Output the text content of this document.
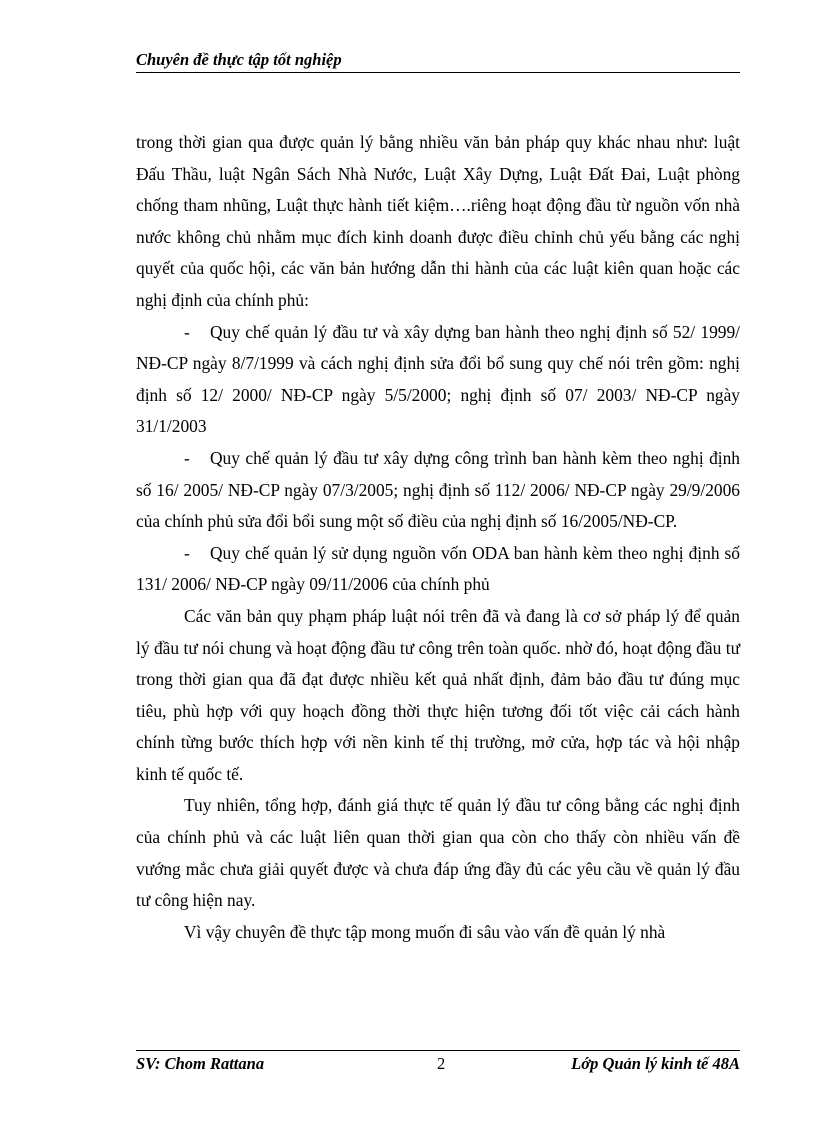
Chuyên đề thực tập tốt nghiệp

trong thời gian qua được quản lý bằng nhiều văn bản pháp quy khác nhau như: luật Đấu Thầu, luật Ngân Sách Nhà Nước, Luật Xây Dựng, Luật Đất Đai, Luật phòng chống tham nhũng, Luật thực hành tiết kiệm….riêng hoạt động đầu từ nguồn vốn nhà nước không chủ nhằm mục đích kinh doanh được điều chỉnh chủ yếu bằng các nghị quyết của quốc hội, các văn bản hướng dẫn thi hành của các luật kiên quan hoặc các nghị định của chính phủ:

- Quy chế quản lý đầu tư và xây dựng ban hành theo nghị định số 52/ 1999/ NĐ-CP ngày 8/7/1999 và cách nghị định sửa đổi bổ sung quy chế nói trên gồm: nghị định số 12/ 2000/ NĐ-CP ngày 5/5/2000; nghị định số 07/ 2003/ NĐ-CP ngày 31/1/2003

- Quy chế quản lý đầu tư xây dựng công trình ban hành kèm theo nghị định số 16/ 2005/ NĐ-CP ngày 07/3/2005; nghị định số 112/ 2006/ NĐ-CP ngày 29/9/2006 của chính phủ sửa đổi bổi sung một số điều của nghị định số 16/2005/NĐ-CP.

- Quy chế quản lý sử dụng nguồn vốn ODA ban hành kèm theo nghị định số 131/ 2006/ NĐ-CP ngày 09/11/2006 của chính phủ

Các văn bản quy phạm pháp luật nói trên đã và đang là cơ sở pháp lý để quản lý đầu tư nói chung và hoạt động đầu tư công trên toàn quốc. nhờ đó, hoạt động đầu tư trong thời gian qua đã đạt được nhiều kết quả nhất định, đảm bảo đầu tư đúng mục tiêu, phù hợp với quy hoạch đồng thời thực hiện tương đối tốt việc cải cách hành chính từng bước thích hợp với nền kinh tế thị trường, mở cửa, hợp tác và hội nhập kinh tế quốc tế.

Tuy nhiên, tổng hợp, đánh giá thực tế quản lý đầu tư công bằng các nghị định của chính phủ và các luật liên quan thời gian qua còn cho thấy còn nhiều vấn đề vướng mắc chưa giải quyết được và chưa đáp ứng đầy đủ các yêu cầu về quản lý đầu tư công hiện nay.

Vì vậy chuyên đề thực tập mong muốn đi sâu vào vấn đề quản lý nhà

SV: Chom Rattana	2	Lớp Quản lý kinh tế 48A
